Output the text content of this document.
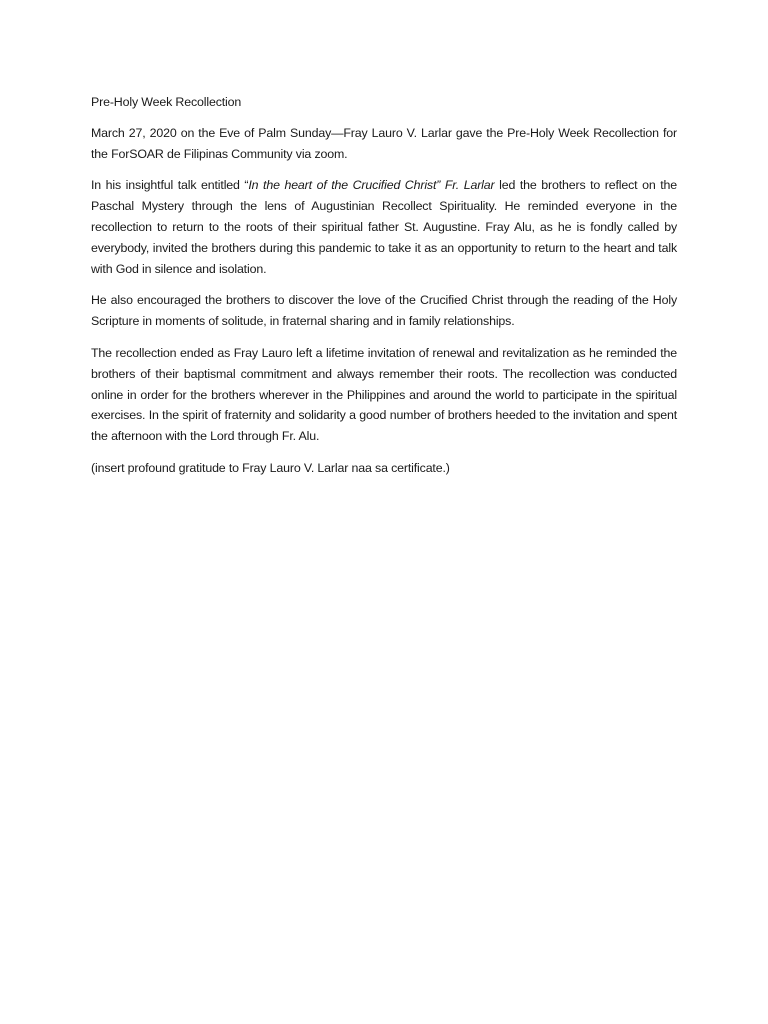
Pre-Holy Week Recollection

March 27, 2020 on the Eve of Palm Sunday—Fray Lauro V. Larlar gave the Pre-Holy Week Recollection for the ForSOAR de Filipinas Community via zoom.

In his insightful talk entitled “In the heart of the Crucified Christ” Fr. Larlar led the brothers to reflect on the Paschal Mystery through the lens of Augustinian Recollect Spirituality. He reminded everyone in the recollection to return to the roots of their spiritual father St. Augustine. Fray Alu, as he is fondly called by everybody, invited the brothers during this pandemic to take it as an opportunity to return to the heart and talk with God in silence and isolation.

He also encouraged the brothers to discover the love of the Crucified Christ through the reading of the Holy Scripture in moments of solitude, in fraternal sharing and in family relationships.

The recollection ended as Fray Lauro left a lifetime invitation of renewal and revitalization as he reminded the brothers of their baptismal commitment and always remember their roots. The recollection was conducted online in order for the brothers wherever in the Philippines and around the world to participate in the spiritual exercises. In the spirit of fraternity and solidarity a good number of brothers heeded to the invitation and spent the afternoon with the Lord through Fr. Alu.

(insert profound gratitude to Fray Lauro V. Larlar naa sa certificate.)
